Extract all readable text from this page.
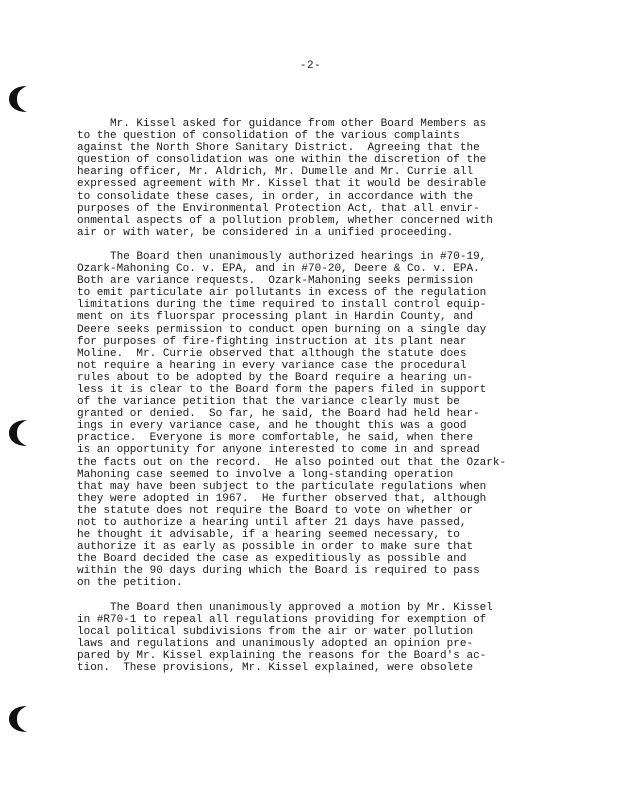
-2-
Mr. Kissel asked for guidance from other Board Members as
to the question of consolidation of the various complaints
against the North Shore Sanitary District.  Agreeing that the
question of consolidation was one within the discretion of the
hearing officer, Mr. Aldrich, Mr. Dumelle and Mr. Currie all
expressed agreement with Mr. Kissel that it would be desirable
to consolidate these cases, in order, in accordance with the
purposes of the Environmental Protection Act, that all envir-
onmental aspects of a pollution problem, whether concerned with
air or with water, be considered in a unified proceeding.
The Board then unanimously authorized hearings in #70-19,
Ozark-Mahoning Co. v. EPA, and in #70-20, Deere & Co. v. EPA.
Both are variance requests.  Ozark-Mahoning seeks permission
to emit particulate air pollutants in excess of the regulation
limitations during the time required to install control equip-
ment on its fluorspar processing plant in Hardin County, and
Deere seeks permission to conduct open burning on a single day
for purposes of fire-fighting instruction at its plant near
Moline.  Mr. Currie observed that although the statute does
not require a hearing in every variance case the procedural
rules about to be adopted by the Board require a hearing un-
less it is clear to the Board form the papers filed in support
of the variance petition that the variance clearly must be
granted or denied.  So far, he said, the Board had held hear-
ings in every variance case, and he thought this was a good
practice.  Everyone is more comfortable, he said, when there
is an opportunity for anyone interested to come in and spread
the facts out on the record.  He also pointed out that the Ozark-
Mahoning case seemed to involve a long-standing operation
that may have been subject to the particulate regulations when
they were adopted in 1967.  He further observed that, although
the statute does not require the Board to vote on whether or
not to authorize a hearing until after 21 days have passed,
he thought it advisable, if a hearing seemed necessary, to
authorize it as early as possible in order to make sure that
the Board decided the case as expeditiously as possible and
within the 90 days during which the Board is required to pass
on the petition.
The Board then unanimously approved a motion by Mr. Kissel
in #R70-1 to repeal all regulations providing for exemption of
local political subdivisions from the air or water pollution
laws and regulations and unanimously adopted an opinion pre-
pared by Mr. Kissel explaining the reasons for the Board's ac-
tion.  These provisions, Mr. Kissel explained, were obsolete
